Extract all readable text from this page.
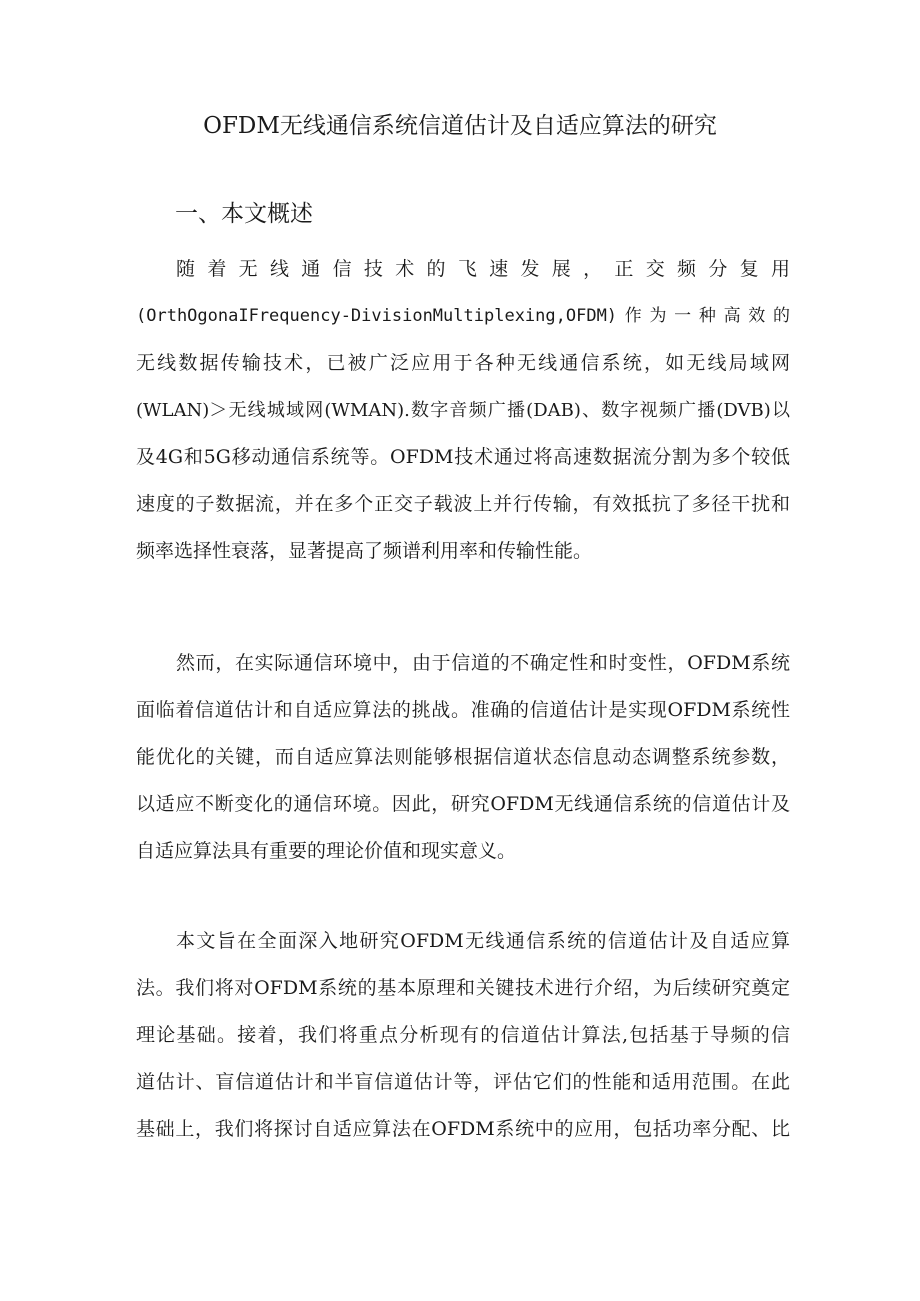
OFDM无线通信系统信道估计及自适应算法的研究
一、本文概述
随 着 无 线 通 信 技 术 的 飞 速 发 展 ， 正 交 频 分 复 用
(OrthOgonaIFrequency-DivisionMultiplexing,OFDM)作为一种高效的
无线数据传输技术，已被广泛应用于各种无线通信系统，如无线局域网
(WLAN)＞无线城域网(WMAN).数字音频广播(DAB)、数字视频广播(DVB)以
及4G和5G移动通信系统等。OFDM技术通过将高速数据流分割为多个较低
速度的子数据流，并在多个正交子载波上并行传输，有效抵抗了多径干扰和
频率选择性衰落，显著提高了频谱利用率和传输性能。
然而，在实际通信环境中，由于信道的不确定性和时变性，OFDM系统
面临着信道估计和自适应算法的挑战。准确的信道估计是实现OFDM系统性
能优化的关键，而自适应算法则能够根据信道状态信息动态调整系统参数，
以适应不断变化的通信环境。因此，研究OFDM无线通信系统的信道估计及
自适应算法具有重要的理论价值和现实意义。
本文旨在全面深入地研究OFDM无线通信系统的信道估计及自适应算
法。我们将对OFDM系统的基本原理和关键技术进行介绍，为后续研究奠定
理论基础。接着，我们将重点分析现有的信道估计算法,包括基于导频的信
道估计、盲信道估计和半盲信道估计等，评估它们的性能和适用范围。在此
基础上，我们将探讨自适应算法在OFDM系统中的应用，包括功率分配、比
